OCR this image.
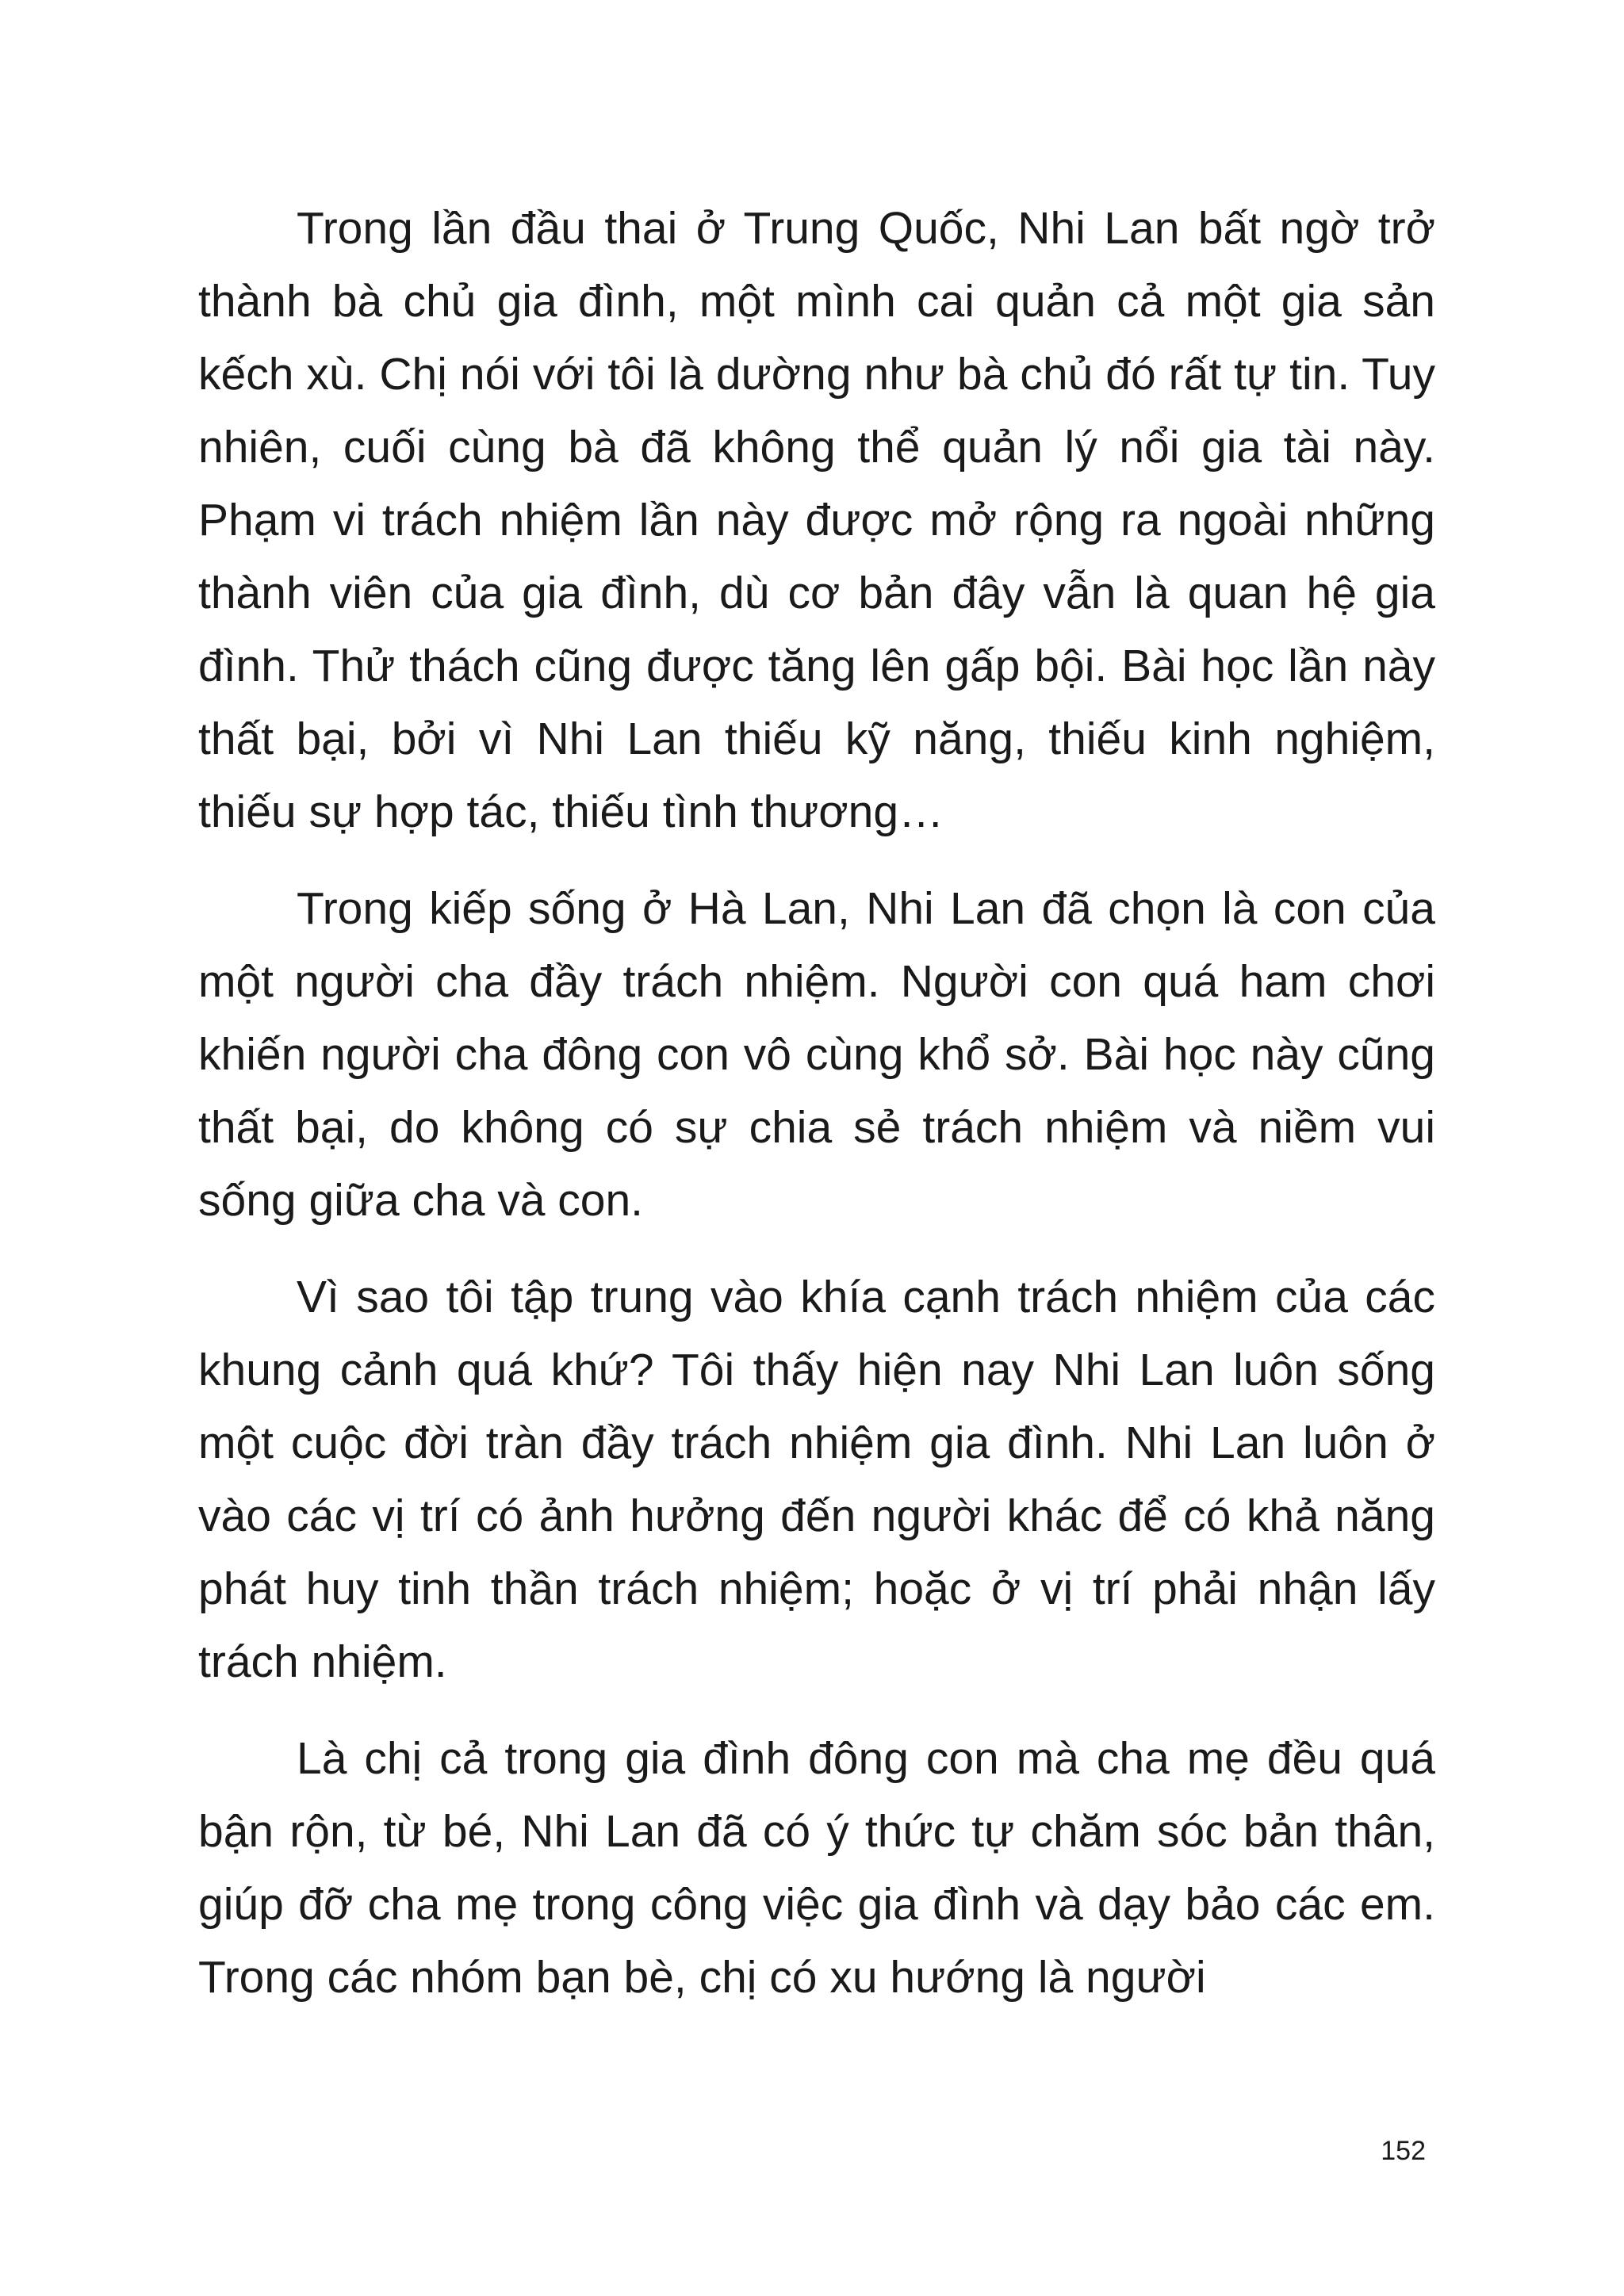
Trong lần đầu thai ở Trung Quốc, Nhi Lan bất ngờ trở thành bà chủ gia đình, một mình cai quản cả một gia sản kếch xù. Chị nói với tôi là dường như bà chủ đó rất tự tin. Tuy nhiên, cuối cùng bà đã không thể quản lý nổi gia tài này. Phạm vi trách nhiệm lần này được mở rộng ra ngoài những thành viên của gia đình, dù cơ bản đây vẫn là quan hệ gia đình. Thử thách cũng được tăng lên gấp bội. Bài học lần này thất bại, bởi vì Nhi Lan thiếu kỹ năng, thiếu kinh nghiệm, thiếu sự hợp tác, thiếu tình thương…

Trong kiếp sống ở Hà Lan, Nhi Lan đã chọn là con của một người cha đầy trách nhiệm. Người con quá ham chơi khiến người cha đông con vô cùng khổ sở. Bài học này cũng thất bại, do không có sự chia sẻ trách nhiệm và niềm vui sống giữa cha và con.

Vì sao tôi tập trung vào khía cạnh trách nhiệm của các khung cảnh quá khứ? Tôi thấy hiện nay Nhi Lan luôn sống một cuộc đời tràn đầy trách nhiệm gia đình. Nhi Lan luôn ở vào các vị trí có ảnh hưởng đến người khác để có khả năng phát huy tinh thần trách nhiệm; hoặc ở vị trí phải nhận lấy trách nhiệm.

Là chị cả trong gia đình đông con mà cha mẹ đều quá bận rộn, từ bé, Nhi Lan đã có ý thức tự chăm sóc bản thân, giúp đỡ cha mẹ trong công việc gia đình và dạy bảo các em. Trong các nhóm bạn bè, chị có xu hướng là người

152
